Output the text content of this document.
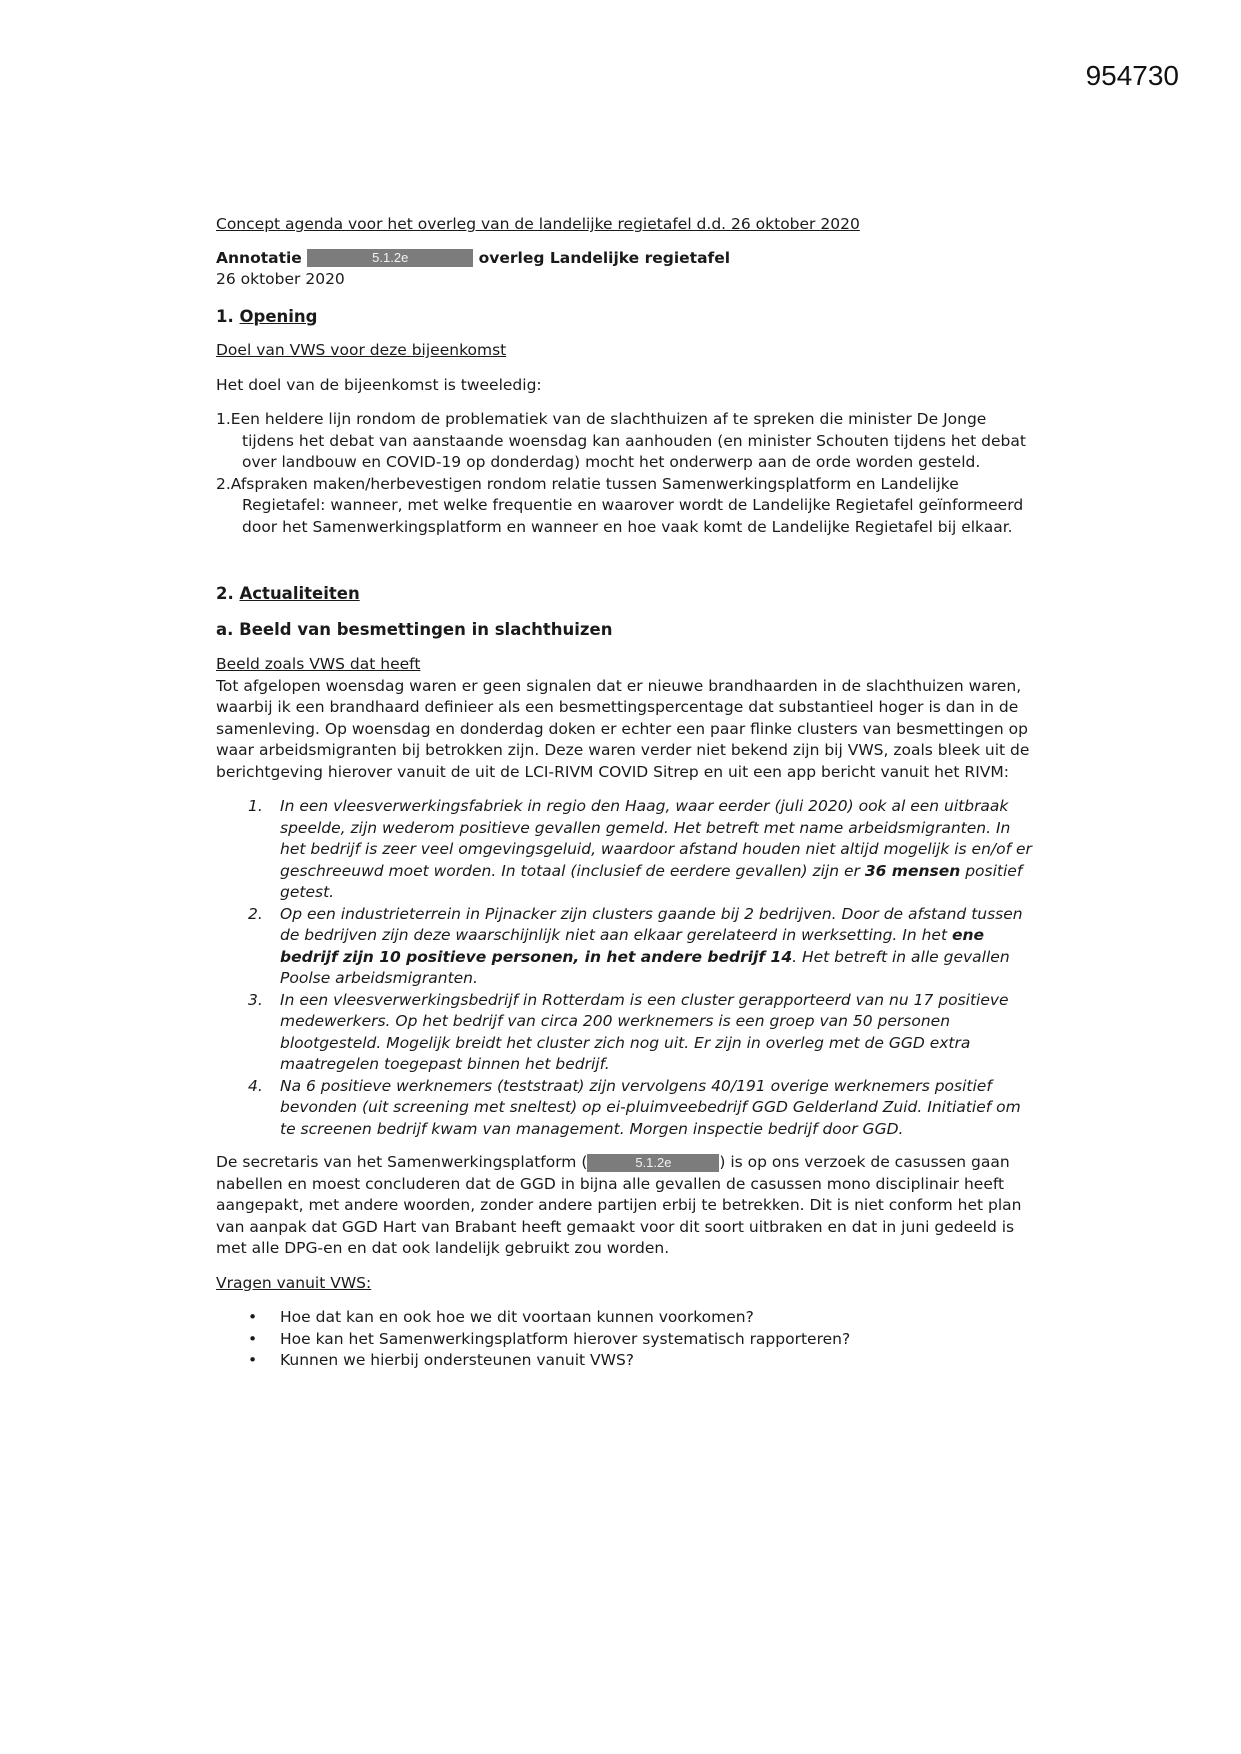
954730

Concept agenda voor het overleg van de landelijke regietafel d.d. 26 oktober 2020

Annotatie	5.1.2e	overleg Landelijke regietafel

26 oktober 2020

1. Opening

Doel van VWS voor deze bijeenkomst

Het doel van de bijeenkomst is tweeledig:

1.Een heldere lijn rondom de problematiek van de slachthuizen af te spreken die minister De Jonge tijdens het debat van aanstaande woensdag kan aanhouden (en minister Schouten tijdens het debat over landbouw en COVID-19 op donderdag) mocht het onderwerp aan de orde worden gesteld.
2.Afspraken maken/herbevestigen rondom relatie tussen Samenwerkingsplatform en Landelijke Regietafel: wanneer, met welke frequentie en waarover wordt de Landelijke Regietafel geïnformeerd door het Samenwerkingsplatform en wanneer en hoe vaak komt de Landelijke Regietafel bij elkaar.

2. Actualiteiten

a. Beeld van besmettingen in slachthuizen

Beeld zoals VWS dat heeft

Tot afgelopen woensdag waren er geen signalen dat er nieuwe brandhaarden in de slachthuizen waren, waarbij ik een brandhaard definieer als een besmettingspercentage dat substantieel hoger is dan in de samenleving. Op woensdag en donderdag doken er echter een paar flinke clusters van besmettingen op waar arbeidsmigranten bij betrokken zijn. Deze waren verder niet bekend zijn bij VWS, zoals bleek uit de berichtgeving hierover vanuit de uit de LCI-RIVM COVID Sitrep en uit een app bericht vanuit het RIVM:

1. In een vleesverwerkingsfabriek in regio den Haag, waar eerder (juli 2020) ook al een uitbraak speelde, zijn wederom positieve gevallen gemeld. Het betreft met name arbeidsmigranten. In het bedrijf is zeer veel omgevingsgeluid, waardoor afstand houden niet altijd mogelijk is en/of er geschreeuwd moet worden. In totaal (inclusief de eerdere gevallen) zijn er 36 mensen positief getest.
2. Op een industrieterrein in Pijnacker zijn clusters gaande bij 2 bedrijven. Door de afstand tussen de bedrijven zijn deze waarschijnlijk niet aan elkaar gerelateerd in werksetting. In het ene bedrijf zijn 10 positieve personen, in het andere bedrijf 14. Het betreft in alle gevallen Poolse arbeidsmigranten.
3. In een vleesverwerkingsbedrijf in Rotterdam is een cluster gerapporteerd van nu 17 positieve medewerkers. Op het bedrijf van circa 200 werknemers is een groep van 50 personen blootgesteld. Mogelijk breidt het cluster zich nog uit. Er zijn in overleg met de GGD extra maatregelen toegepast binnen het bedrijf.
4. Na 6 positieve werknemers (teststraat) zijn vervolgens 40/191 overige werknemers positief bevonden (uit screening met sneltest) op ei-pluimveebedrijf GGD Gelderland Zuid. Initiatief om te screenen bedrijf kwam van management. Morgen inspectie bedrijf door GGD.

De secretaris van het Samenwerkingsplatform (	5.1.2e	) is op ons verzoek de casussen gaan nabellen en moest concluderen dat de GGD in bijna alle gevallen de casussen mono disciplinair heeft aangepakt, met andere woorden, zonder andere partijen erbij te betrekken. Dit is niet conform het plan van aanpak dat GGD Hart van Brabant heeft gemaakt voor dit soort uitbraken en dat in juni gedeeld is met alle DPG-en en dat ook landelijk gebruikt zou worden.

Vragen vanuit VWS:

• Hoe dat kan en ook hoe we dit voortaan kunnen voorkomen?
• Hoe kan het Samenwerkingsplatform hierover systematisch rapporteren?
• Kunnen we hierbij ondersteunen vanuit VWS?
